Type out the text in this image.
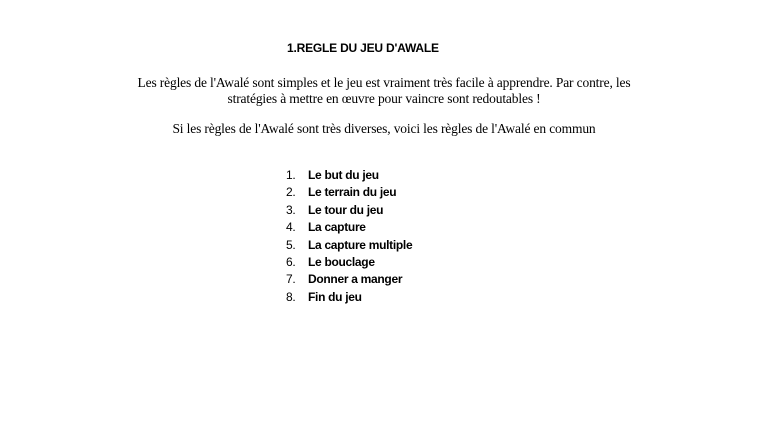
1.REGLE DU JEU D'AWALE

Les règles de l'Awalé sont simples et le jeu est vraiment très facile à apprendre. Par contre, les

stratégies à mettre en œuvre pour vaincre sont redoutables !

Si les règles de l'Awalé sont très diverses, voici les règles de l'Awalé en commun
1.	Le but du jeu
2.	Le terrain du jeu
3.	Le tour du jeu
4.	La capture
5.	La capture multiple
6.	Le bouclage
7.	Donner a manger
8.	Fin du jeu
